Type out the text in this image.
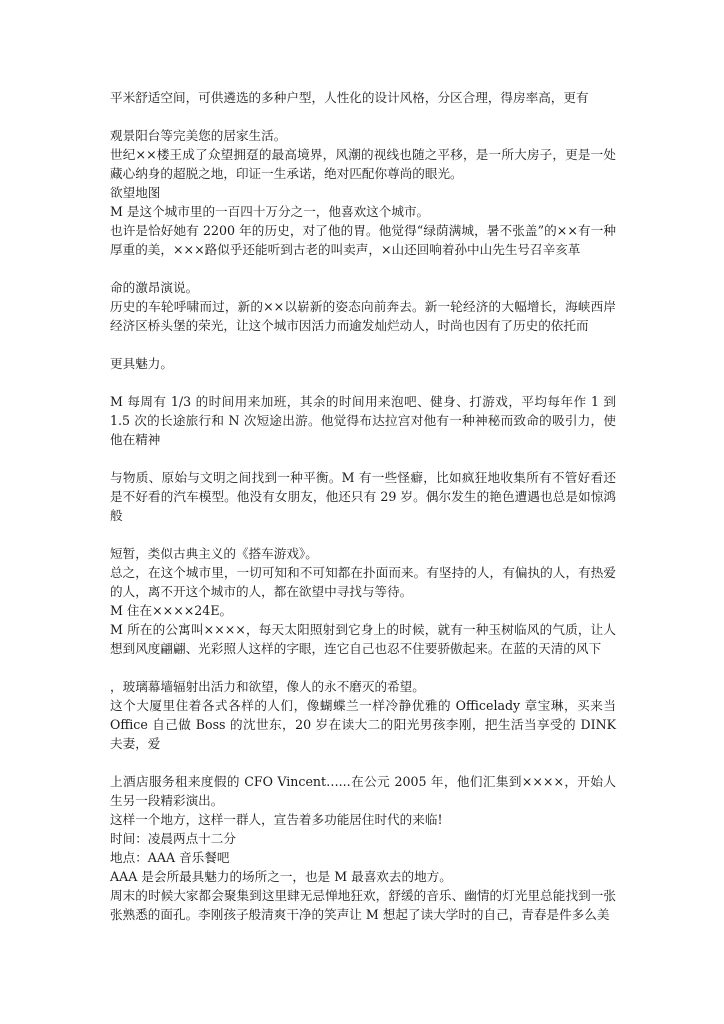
平米舒适空间，可供遴选的多种户型，人性化的设计风格，分区合理，得房率高，更有

观景阳台等完美您的居家生活。

世纪××楼王成了众望拥趸的最高境界，风潮的视线也随之平移，是一所大房子，更是一处藏心纳身的超脱之地，印证一生承诺，绝对匹配你尊尚的眼光。

欲望地图

M 是这个城市里的一百四十万分之一，他喜欢这个城市。

也许是恰好她有 2200 年的历史，对了他的胃。他觉得“绿荫满城，暑不张盖”的××有一种厚重的美，×××路似乎还能听到古老的叫卖声，×山还回响着孙中山先生号召辛亥革

命的激昂演说。

历史的车轮呼啸而过，新的××以崭新的姿态向前奔去。新一轮经济的大幅增长，海峡西岸经济区桥头堡的荣光，让这个城市因活力而逾发灿烂动人，时尚也因有了历史的依托而

更具魅力。

M 每周有 1/3 的时间用来加班，其余的时间用来泡吧、健身、打游戏，平均每年作 1 到 1.5 次的长途旅行和 N 次短途出游。他觉得布达拉宫对他有一种神秘而致命的吸引力，使他在精神

与物质、原始与文明之间找到一种平衡。M 有一些怪癖，比如疯狂地收集所有不管好看还是不好看的汽车模型。他没有女朋友，他还只有 29 岁。偶尔发生的艳色遭遇也总是如惊鸿般

短暂，类似古典主义的《搭车游戏》。

总之，在这个城市里，一切可知和不可知都在扑面而来。有坚持的人，有偏执的人，有热爱的人，离不开这个城市的人，都在欲望中寻找与等待。

M 住在××××24E。

M 所在的公寓叫××××，每天太阳照射到它身上的时候，就有一种玉树临风的气质，让人想到风度翩翩、光彩照人这样的字眼，连它自己也忍不住要骄傲起来。在蓝的天清的风下

，玻璃幕墙辐射出活力和欲望，像人的永不磨灭的希望。

这个大厦里住着各式各样的人们，像蝴蝶兰一样冷静优雅的 Officelady 章宝琳，买来当 Office 自己做 Boss 的沈世东，20 岁在读大二的阳光男孩李刚，把生活当享受的 DINK 夫妻，爱

上酒店服务租来度假的 CFO Vincent…...在公元 2005 年，他们汇集到××××，开始人生另一段精彩演出。

这样一个地方，这样一群人，宣告着多功能居住时代的来临!

时间：凌晨两点十二分

地点：AAA 音乐餐吧

AAA 是会所最具魅力的场所之一，也是 M 最喜欢去的地方。

周末的时候大家都会聚集到这里肆无忌惮地狂欢，舒缓的音乐、幽情的灯光里总能找到一张张熟悉的面孔。李刚孩子般清爽干净的笑声让 M 想起了读大学时的自己，青春是件多么美
